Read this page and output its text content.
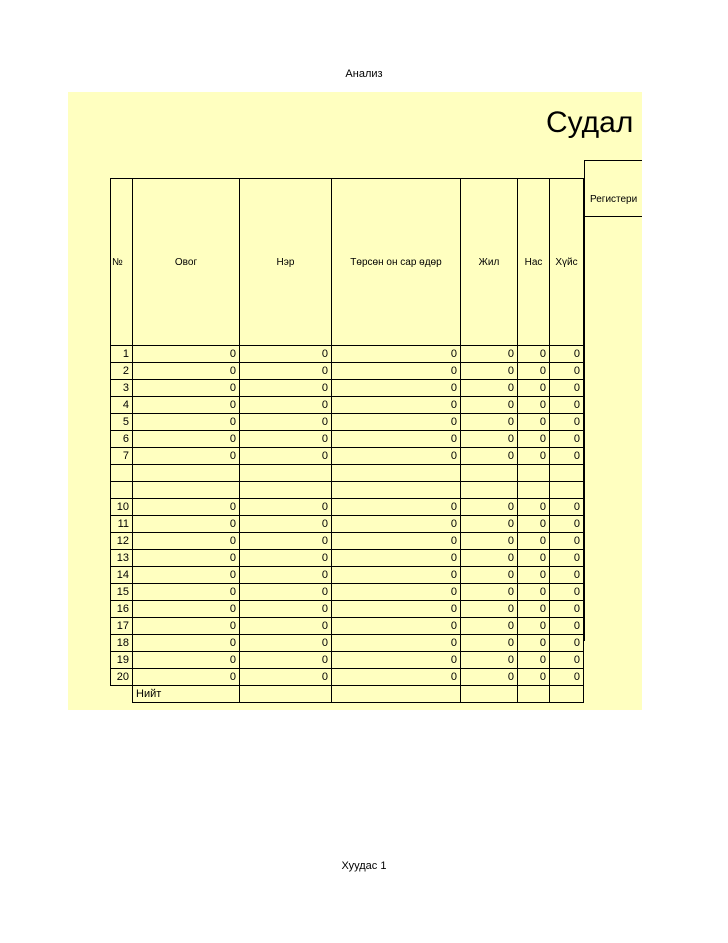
Анализ
Судал
Регистери
№	Овог	Нэр	Төрсөн он сар өдөр	Жил	Нас	Хүйс
1	0	0	0	0	0	0
2	0	0	0	0	0	0
3	0	0	0	0	0	0
4	0	0	0	0	0	0
5	0	0	0	0	0	0
6	0	0	0	0	0	0
7	0	0	0	0	0	0

10	0	0	0	0	0	0
11	0	0	0	0	0	0
12	0	0	0	0	0	0
13	0	0	0	0	0	0
14	0	0	0	0	0	0
15	0	0	0	0	0	0
16	0	0	0	0	0	0
17	0	0	0	0	0	0
18	0	0	0	0	0	0
19	0	0	0	0	0	0
20	0	0	0	0	0	0
	Нийт					
Хуудас 1
